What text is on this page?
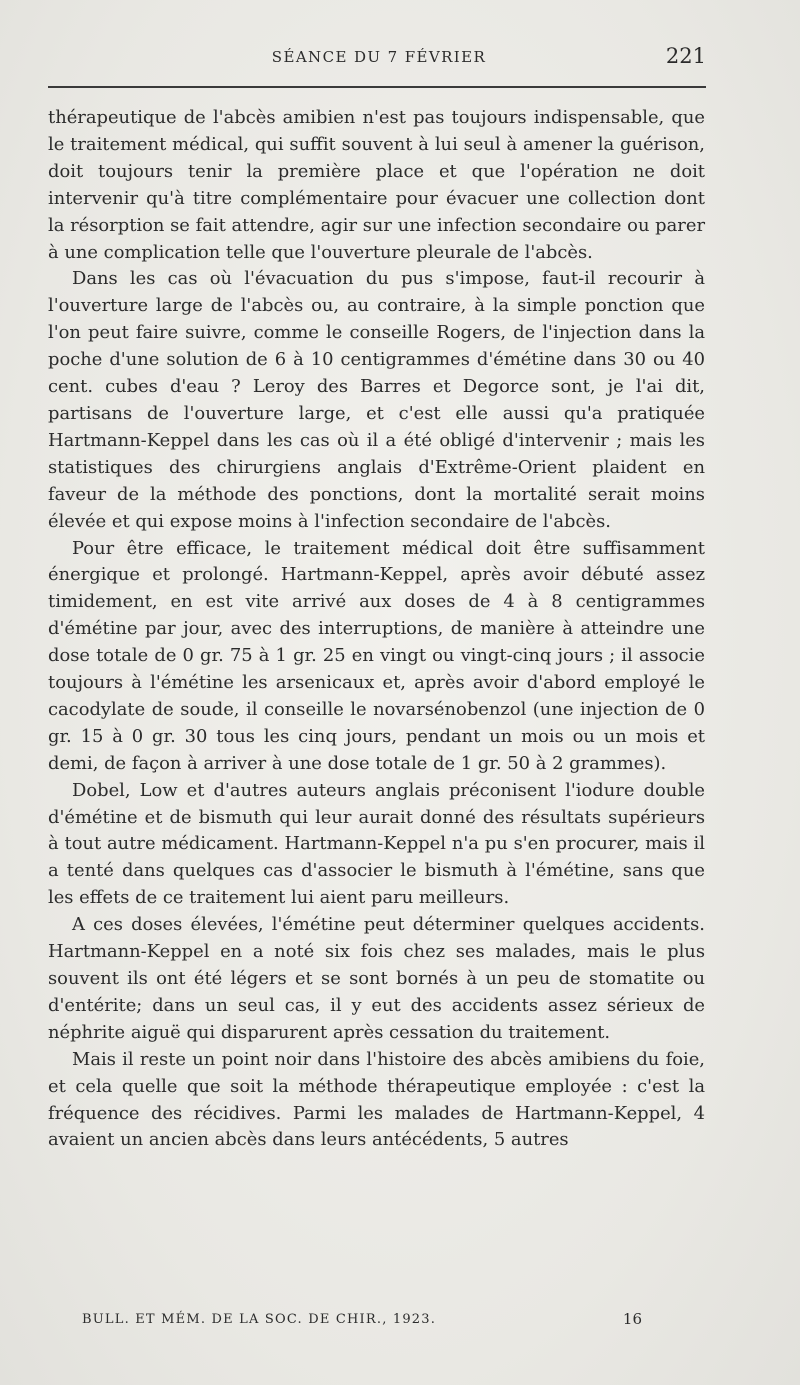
SÉANCE DU 7 FÉVRIER	221

thérapeutique de l'abcès amibien n'est pas toujours indispensable, que le traitement médical, qui suffit souvent à lui seul à amener la guérison, doit toujours tenir la première place et que l'opération ne doit intervenir qu'à titre complémentaire pour évacuer une collection dont la résorption se fait attendre, agir sur une infection secondaire ou parer à une complication telle que l'ouverture pleurale de l'abcès.

Dans les cas où l'évacuation du pus s'impose, faut-il recourir à l'ouverture large de l'abcès ou, au contraire, à la simple ponction que l'on peut faire suivre, comme le conseille Rogers, de l'injection dans la poche d'une solution de 6 à 10 centigrammes d'émétine dans 30 ou 40 cent. cubes d'eau ? Leroy des Barres et Degorce sont, je l'ai dit, partisans de l'ouverture large, et c'est elle aussi qu'a pratiquée Hartmann-Keppel dans les cas où il a été obligé d'intervenir ; mais les statistiques des chirurgiens anglais d'Extrême-Orient plaident en faveur de la méthode des ponctions, dont la mortalité serait moins élevée et qui expose moins à l'infection secondaire de l'abcès.

Pour être efficace, le traitement médical doit être suffisamment énergique et prolongé. Hartmann-Keppel, après avoir débuté assez timidement, en est vite arrivé aux doses de 4 à 8 centigrammes d'émétine par jour, avec des interruptions, de manière à atteindre une dose totale de 0 gr. 75 à 1 gr. 25 en vingt ou vingt-cinq jours ; il associe toujours à l'émétine les arsenicaux et, après avoir d'abord employé le cacodylate de soude, il conseille le novarsénobenzol (une injection de 0 gr. 15 à 0 gr. 30 tous les cinq jours, pendant un mois ou un mois et demi, de façon à arriver à une dose totale de 1 gr. 50 à 2 grammes).

Dobel, Low et d'autres auteurs anglais préconisent l'iodure double d'émétine et de bismuth qui leur aurait donné des résultats supérieurs à tout autre médicament. Hartmann-Keppel n'a pu s'en procurer, mais il a tenté dans quelques cas d'associer le bismuth à l'émétine, sans que les effets de ce traitement lui aient paru meilleurs.

A ces doses élevées, l'émétine peut déterminer quelques accidents. Hartmann-Keppel en a noté six fois chez ses malades, mais le plus souvent ils ont été légers et se sont bornés à un peu de stomatite ou d'entérite; dans un seul cas, il y eut des accidents assez sérieux de néphrite aiguë qui disparurent après cessation du traitement.

Mais il reste un point noir dans l'histoire des abcès amibiens du foie, et cela quelle que soit la méthode thérapeutique employée : c'est la fréquence des récidives. Parmi les malades de Hartmann-Keppel, 4 avaient un ancien abcès dans leurs antécédents, 5 autres

BULL. ET MÉM. DE LA SOC. DE CHIR., 1923.	16
